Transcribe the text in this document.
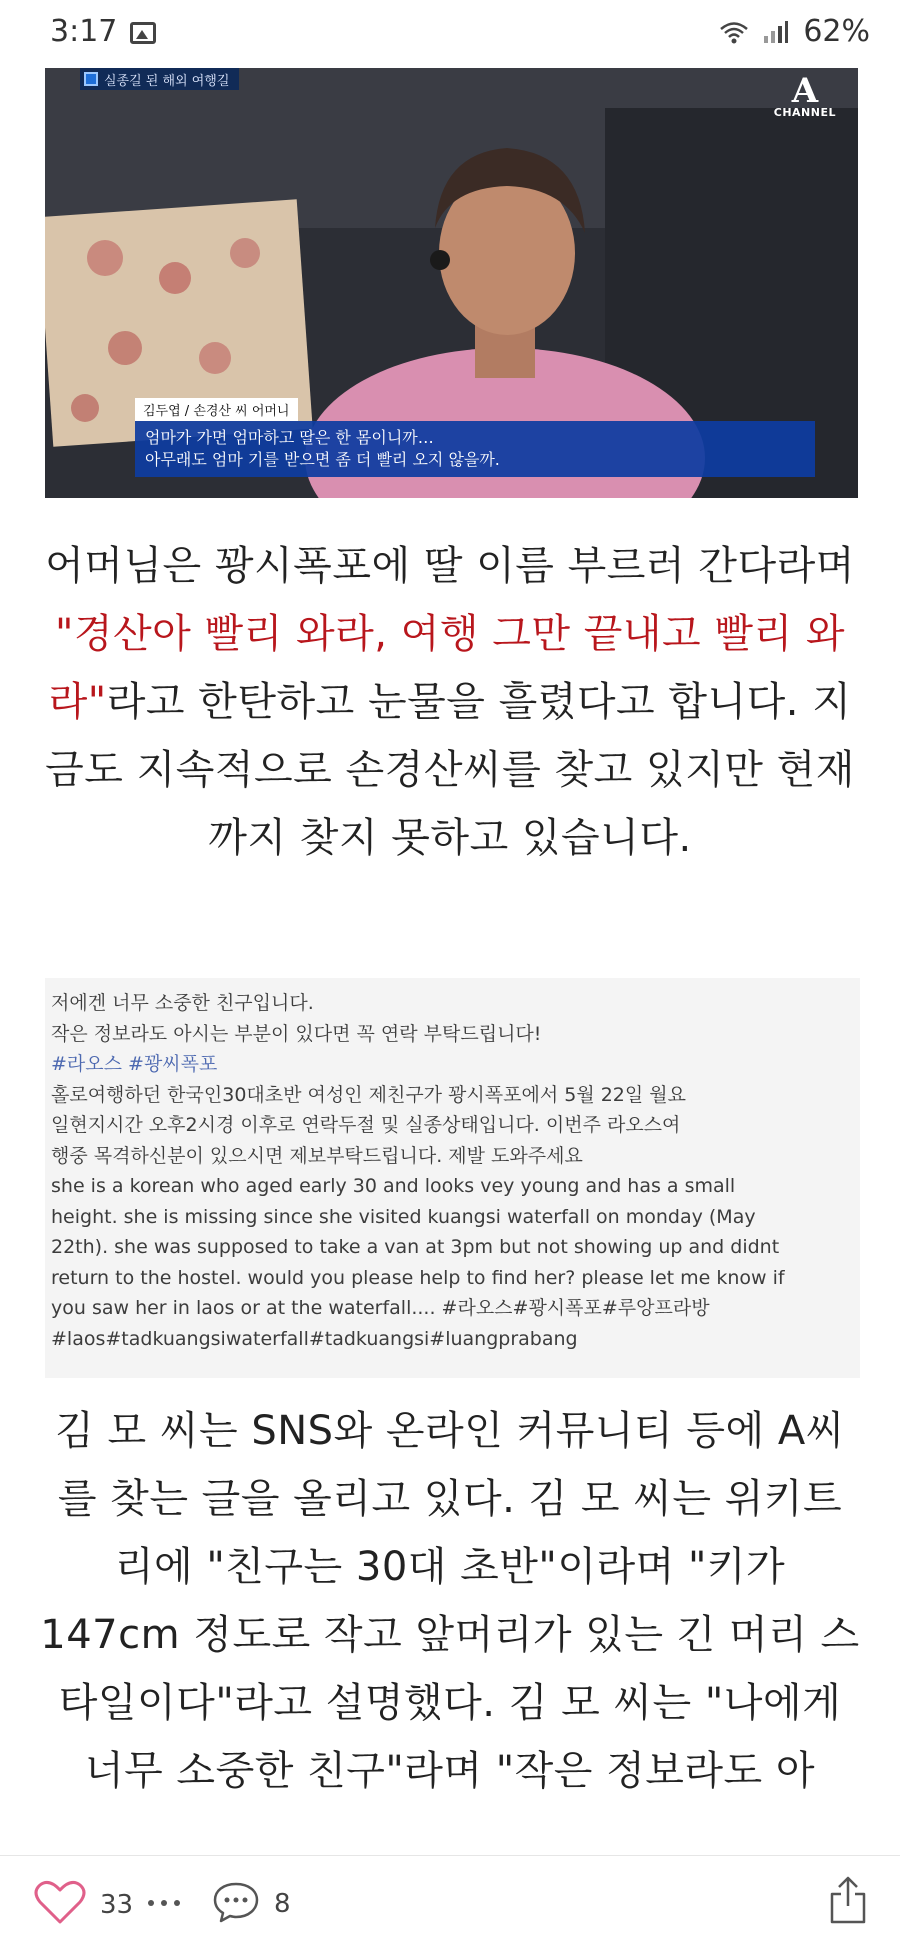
3:17	62%
실종길 된 해외 여행길	A
CHANNEL
김두엽 / 손경산 씨 어머니
엄마가 가면 엄마하고 딸은 한 몸이니까…
아무래도 엄마 기를 받으면 좀 더 빨리 오지 않을까.
어머님은 꽝시폭포에 딸 이름 부르러 간다라며 "경산아 빨리 와라, 여행 그만 끝내고 빨리 와라"라고 한탄하고 눈물을 흘렸다고 합니다. 지금도 지속적으로 손경산씨를 찾고 있지만 현재까지 찾지 못하고 있습니다.
저에겐 너무 소중한 친구입니다.
작은 정보라도 아시는 부분이 있다면 꼭 연락 부탁드립니다!
#라오스 #꽝씨폭포
홀로여행하던 한국인30대초반 여성인 제친구가 꽝시폭포에서 5월 22일 월요
일현지시간 오후2시경 이후로 연락두절 및 실종상태입니다. 이번주 라오스여
행중 목격하신분이 있으시면 제보부탁드립니다. 제발 도와주세요
she is a korean who aged early 30 and looks vey young and has a small
height. she is missing since she visited kuangsi waterfall on monday (May
22th). she was supposed to take a van at 3pm but not showing up and didnt
return to the hostel. would you please help to find her? please let me know if
you saw her in laos or at the waterfall.... #라오스#꽝시폭포#루앙프라방
#laos#tadkuangsiwaterfall#tadkuangsi#luangprabang
김 모 씨는 SNS와 온라인 커뮤니티 등에 A씨를 찾는 글을 올리고 있다. 김 모 씨는 위키트리에 "친구는 30대 초반"이라며 "키가 147cm 정도로 작고 앞머리가 있는 긴 머리 스타일이다"라고 설명했다. 김 모 씨는 "나에게 너무 소중한 친구"라며 "작은 정보라도 아
33	8
